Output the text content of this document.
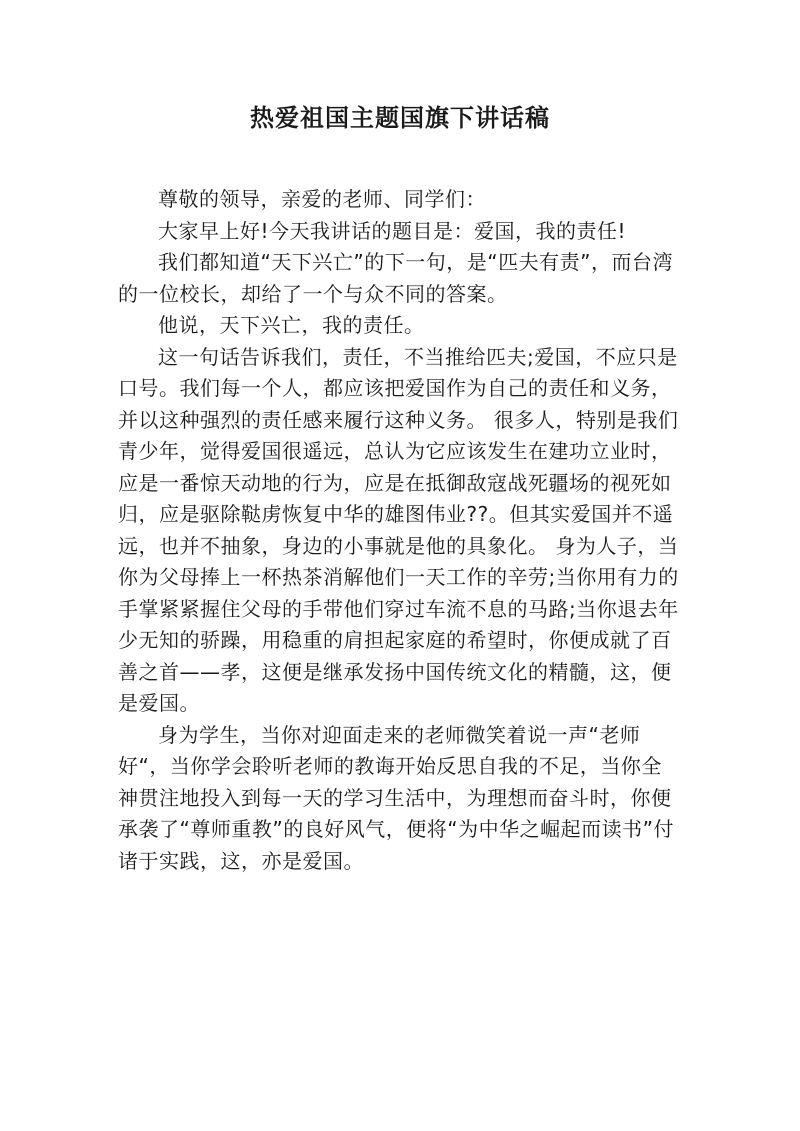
热爱祖国主题国旗下讲话稿

尊敬的领导，亲爱的老师、同学们：

大家早上好!今天我讲话的题目是：爱国，我的责任!

我们都知道“天下兴亡”的下一句，是“匹夫有责”，而台湾的一位校长，却给了一个与众不同的答案。

他说，天下兴亡，我的责任。

这一句话告诉我们，责任，不当推给匹夫;爱国，不应只是口号。我们每一个人，都应该把爱国作为自己的责任和义务，并以这种强烈的责任感来履行这种义务。 很多人，特别是我们青少年，觉得爱国很遥远，总认为它应该发生在建功立业时，应是一番惊天动地的行为，应是在抵御敌寇战死疆场的视死如归，应是驱除鞑虏恢复中华的雄图伟业??。但其实爱国并不遥远，也并不抽象，身边的小事就是他的具象化。 身为人子，当你为父母捧上一杯热茶消解他们一天工作的辛劳;当你用有力的手掌紧紧握住父母的手带他们穿过车流不息的马路;当你退去年少无知的骄躁，用稳重的肩担起家庭的希望时，你便成就了百善之首——孝，这便是继承发扬中国传统文化的精髓，这，便是爱国。

身为学生，当你对迎面走来的老师微笑着说一声“老师好“，当你学会聆听老师的教诲开始反思自我的不足，当你全神贯注地投入到每一天的学习生活中，为理想而奋斗时，你便承袭了“尊师重教”的良好风气，便将“为中华之崛起而读书”付诸于实践，这，亦是爱国。
